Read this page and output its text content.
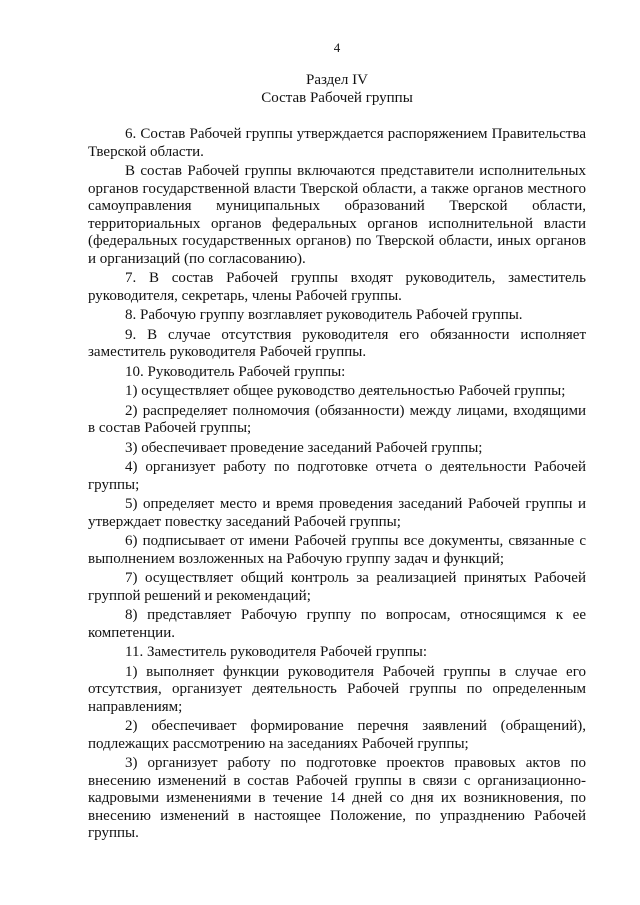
4
Раздел IV
Состав Рабочей группы

6. Состав Рабочей группы утверждается распоряжением Правительства Тверской области.

В состав Рабочей группы включаются представители исполнительных органов государственной власти Тверской области, а также органов местного самоуправления муниципальных образований Тверской области, территориальных органов федеральных органов исполнительной власти (федеральных государственных органов) по Тверской области, иных органов и организаций (по согласованию).

7. В состав Рабочей группы входят руководитель, заместитель руководителя, секретарь, члены Рабочей группы.

8. Рабочую группу возглавляет руководитель Рабочей группы.

9. В случае отсутствия руководителя его обязанности исполняет заместитель руководителя Рабочей группы.

10. Руководитель Рабочей группы:

1) осуществляет общее руководство деятельностью Рабочей группы;

2) распределяет полномочия (обязанности) между лицами, входящими в состав Рабочей группы;

3) обеспечивает проведение заседаний Рабочей группы;

4) организует работу по подготовке отчета о деятельности Рабочей группы;

5) определяет место и время проведения заседаний Рабочей группы и утверждает повестку заседаний Рабочей группы;

6) подписывает от имени Рабочей группы все документы, связанные с выполнением возложенных на Рабочую группу задач и функций;

7) осуществляет общий контроль за реализацией принятых Рабочей группой решений и рекомендаций;

8) представляет Рабочую группу по вопросам, относящимся к ее компетенции.

11. Заместитель руководителя Рабочей группы:

1) выполняет функции руководителя Рабочей группы в случае его отсутствия, организует деятельность Рабочей группы по определенным направлениям;

2) обеспечивает формирование перечня заявлений (обращений), подлежащих рассмотрению на заседаниях Рабочей группы;

3) организует работу по подготовке проектов правовых актов по внесению изменений в состав Рабочей группы в связи с организационно-кадровыми изменениями в течение 14 дней со дня их возникновения, по внесению изменений в настоящее Положение, по упразднению Рабочей группы.
